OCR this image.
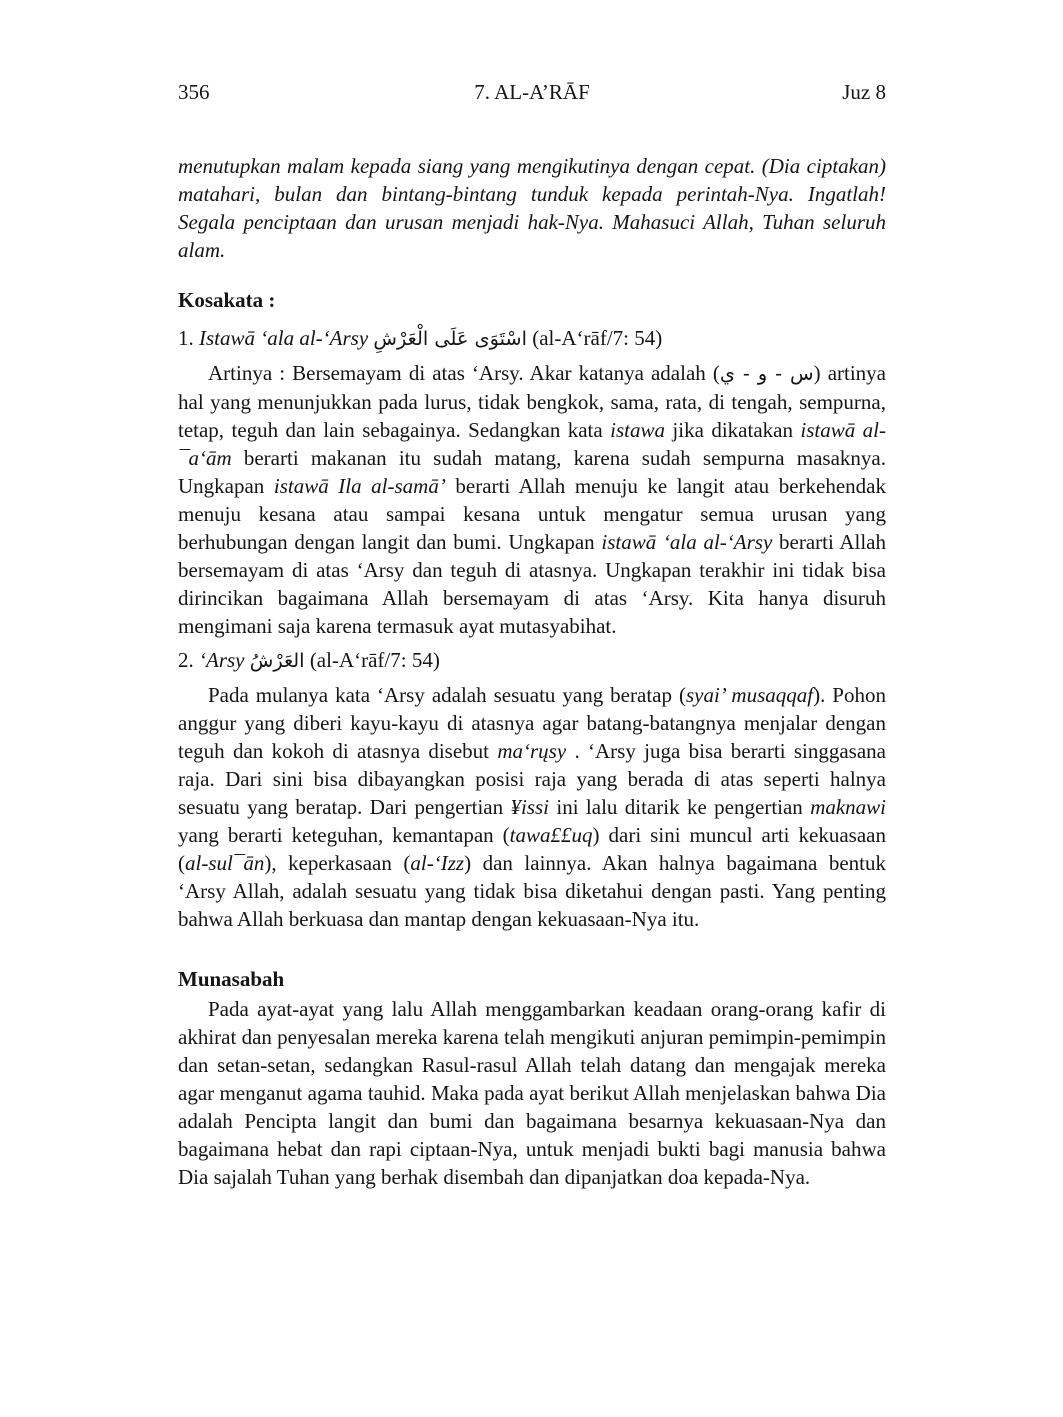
356	7. AL-A’RĀF	Juz 8

menutupkan malam kepada siang yang mengikutinya dengan cepat. (Dia ciptakan) matahari, bulan dan bintang-bintang tunduk kepada perintah-Nya. Ingatlah! Segala penciptaan dan urusan menjadi hak-Nya. Mahasuci Allah, Tuhan seluruh alam.

Kosakata :

1. Istawā ‘ala al-‘Arsy اسْتَوَى عَلَى الْعَرْشِ (al-A‘rāf/7: 54)

Artinya : Bersemayam di atas ‘Arsy. Akar katanya adalah (س - و - ي) artinya hal yang menunjukkan pada lurus, tidak bengkok, sama, rata, di tengah, sempurna, tetap, teguh dan lain sebagainya. Sedangkan kata istawa jika dikatakan istawā al-¯a‘ām berarti makanan itu sudah matang, karena sudah sempurna masaknya. Ungkapan istawā Ila al-samā’ berarti Allah menuju ke langit atau berkehendak menuju kesana atau sampai kesana untuk mengatur semua urusan yang berhubungan dengan langit dan bumi. Ungkapan istawā ‘ala al-‘Arsy berarti Allah bersemayam di atas ‘Arsy dan teguh di atasnya. Ungkapan terakhir ini tidak bisa dirincikan bagaimana Allah bersemayam di atas ‘Arsy. Kita hanya disuruh mengimani saja karena termasuk ayat mutasyabihat.

2. ‘Arsy العَرْشُ (al-A‘rāf/7: 54)

Pada mulanya kata ‘Arsy adalah sesuatu yang beratap (syai’ musaqqaf). Pohon anggur yang diberi kayu-kayu di atasnya agar batang-batangnya menjalar dengan teguh dan kokoh di atasnya disebut ma‘rųsy . ‘Arsy juga bisa berarti singgasana raja. Dari sini bisa dibayangkan posisi raja yang berada di atas seperti halnya sesuatu yang beratap. Dari pengertian ¥issi ini lalu ditarik ke pengertian maknawi yang berarti keteguhan, kemantapan (tawa££uq) dari sini muncul arti kekuasaan (al-sul¯ān), keperkasaan (al-‘Izz) dan lainnya. Akan halnya bagaimana bentuk ‘Arsy Allah, adalah sesuatu yang tidak bisa diketahui dengan pasti. Yang penting bahwa Allah berkuasa dan mantap dengan kekuasaan-Nya itu.

Munasabah

Pada ayat-ayat yang lalu Allah menggambarkan keadaan orang-orang kafir di akhirat dan penyesalan mereka karena telah mengikuti anjuran pemimpin-pemimpin dan setan-setan, sedangkan Rasul-rasul Allah telah datang dan mengajak mereka agar menganut agama tauhid. Maka pada ayat berikut Allah menjelaskan bahwa Dia adalah Pencipta langit dan bumi dan bagaimana besarnya kekuasaan-Nya dan bagaimana hebat dan rapi ciptaan-Nya, untuk menjadi bukti bagi manusia bahwa Dia sajalah Tuhan yang berhak disembah dan dipanjatkan doa kepada-Nya.
